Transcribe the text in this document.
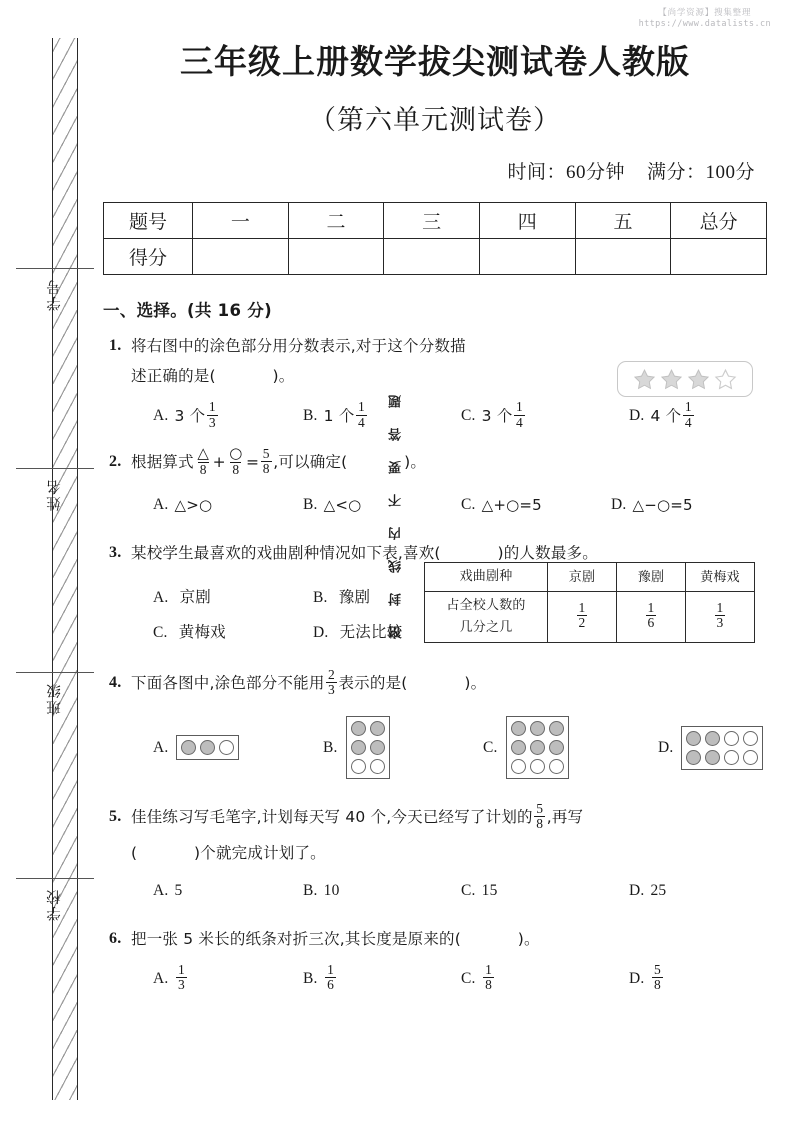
【尚学资源】搜集整理
https://www.datalists.cn
密封线内不要答题
学号
姓名
班级
学校
三年级上册数学拔尖测试卷人教版
（第六单元测试卷）
时间：60分钟 满分：100分
题号	一	二	三	四	五	总分
得分						
一、选择。(共 16 分)
1. 将右图中的涂色部分用分数表示,对于这个分数描
述正确的是(	)。
A. 3 个 $\frac{1}{3}$	B. 1 个 $\frac{1}{4}$	C. 3 个 $\frac{1}{4}$	D. 4 个 $\frac{1}{4}$
2. 根据算式 $\frac{\triangle}{8} + \frac{○}{8} = \frac{5}{8}$ ,可以确定(	)。
A. △>○	B. △<○	C. △+○=5	D. △−○=5
3. 某校学生最喜欢的戏曲剧种情况如下表,喜欢(	)的人数最多。
戏曲剧种	京剧	豫剧	黄梅戏

占全校人数的
几分之几	$\frac{1}{2}$	$\frac{1}{6}$	$\frac{1}{3}$
A. 京剧	B. 豫剧
C. 黄梅戏	D. 无法比较
4. 下面各图中,涂色部分不能用 $\frac{2}{3}$ 表示的是(	)。
A.	B.	C.	D.
5. 佳佳练习写毛笔字,计划每天写 40 个,今天已经写了计划的 $\frac{5}{8}$ ,再写
(	)个就完成计划了。
A. 5	B. 10	C. 15	D. 25
6. 把一张 5 米长的纸条对折三次,其长度是原来的(	)。
A. $\frac{1}{3}$	B. $\frac{1}{6}$	C. $\frac{1}{8}$	D. $\frac{5}{8}$
